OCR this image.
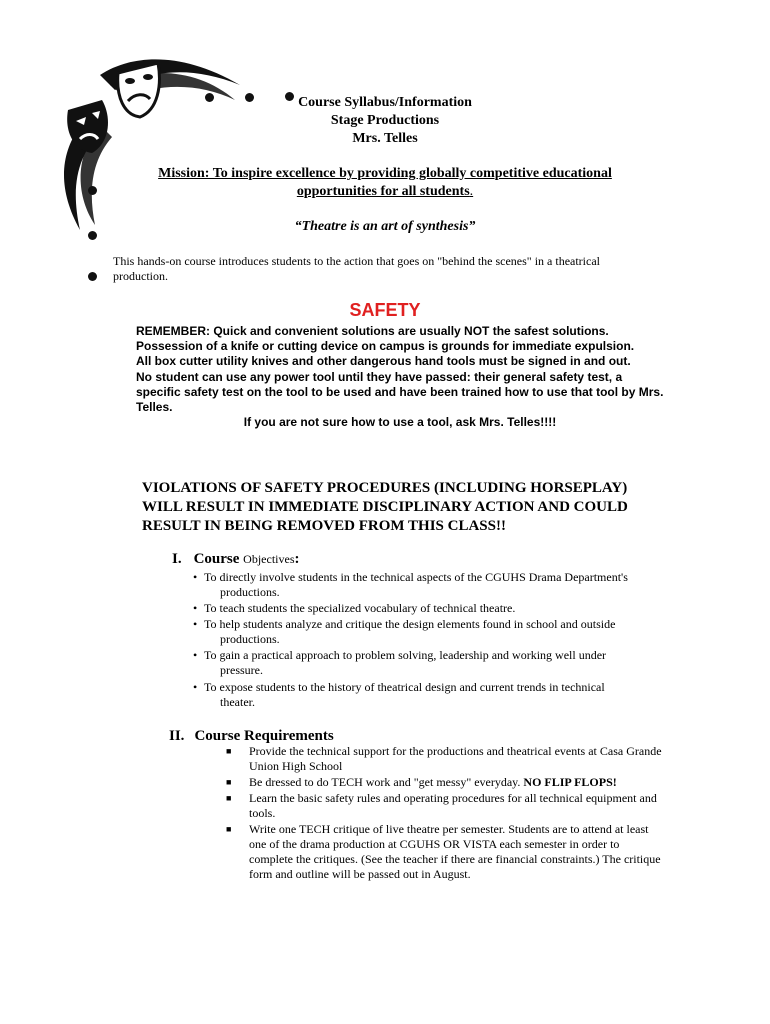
Course Syllabus/Information
Stage Productions
Mrs. Telles
Mission: To inspire excellence by providing globally competitive educational
opportunities for all students.
“Theatre is an art of synthesis”
This hands-on course introduces students to the action that goes on "behind the scenes" in a theatrical production.
SAFETY

REMEMBER: Quick and convenient solutions are usually NOT the safest solutions.

Possession of a knife or cutting device on campus is grounds for immediate expulsion.

All box cutter utility knives and other dangerous hand tools must be signed in and out.

No student can use any power tool until they have passed: their general safety test, a specific safety test on the tool to be used and have been trained how to use that tool by Mrs. Telles.

If you are not sure how to use a tool, ask Mrs. Telles!!!!

VIOLATIONS OF SAFETY PROCEDURES (INCLUDING HORSEPLAY) WILL RESULT IN IMMEDIATE DISCIPLINARY ACTION AND COULD RESULT IN BEING REMOVED FROM THIS CLASS!!
I. Course Objectives:
• To directly involve students in the technical aspects of the CGUHS Drama Department's
productions.
• To teach students the specialized vocabulary of technical theatre.
• To help students analyze and critique the design elements found in school and outside
productions.
• To gain a practical approach to problem solving, leadership and working well under
pressure.
• To expose students to the history of theatrical design and current trends in technical
theater.
II. Course Requirements
■ Provide the technical support for the productions and theatrical events at Casa Grande Union High School
■ Be dressed to do TECH work and "get messy" everyday. NO FLIP FLOPS!
■ Learn the basic safety rules and operating procedures for all technical equipment and tools.
■ Write one TECH critique of live theatre per semester. Students are to attend at least one of the drama production at CGUHS OR VISTA each semester in order to complete the critiques. (See the teacher if there are financial constraints.) The critique form and outline will be passed out in August.
